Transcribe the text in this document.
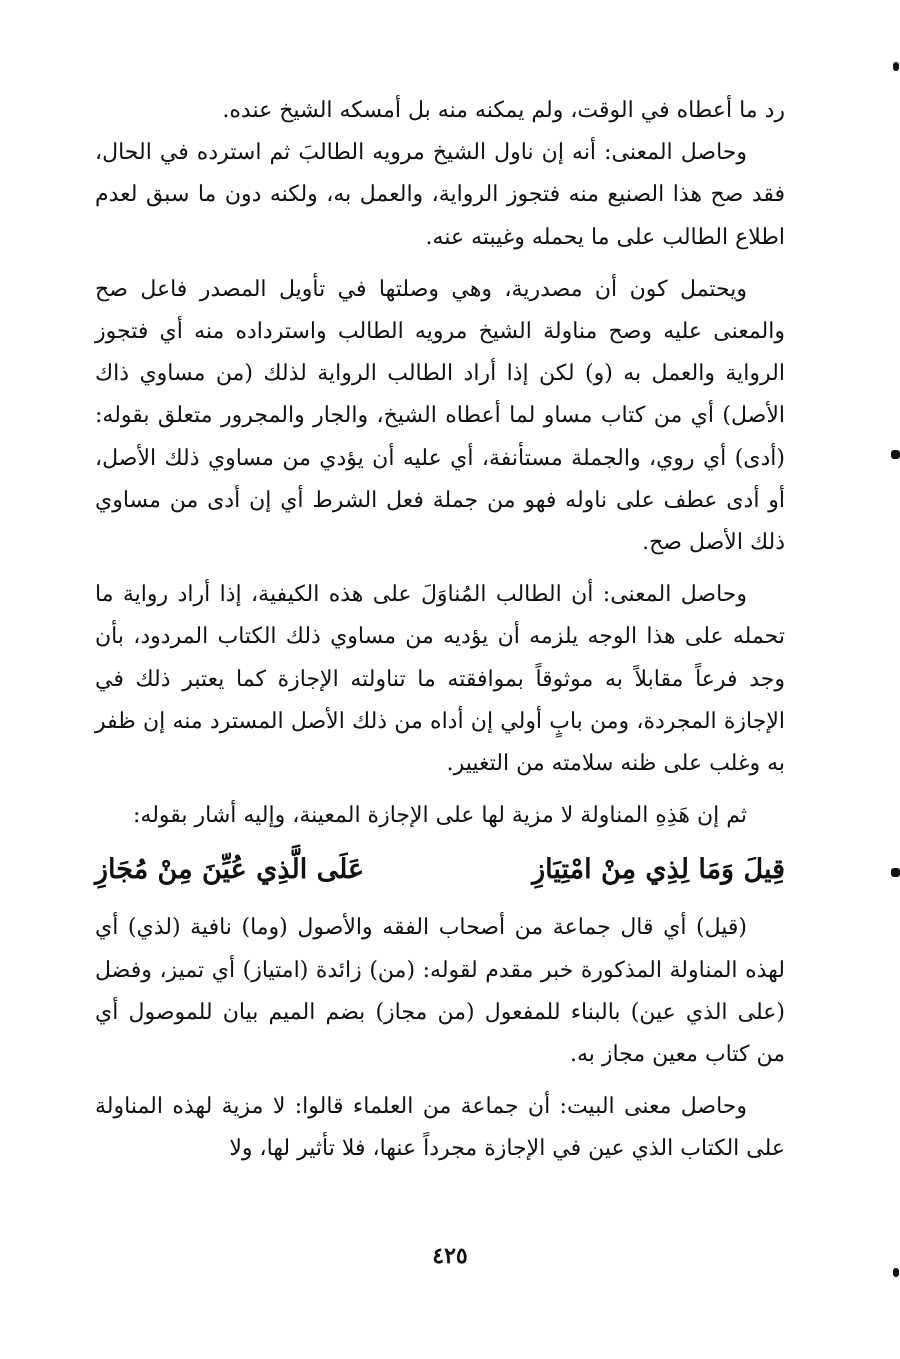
رد ما أعطاه في الوقت، ولم يمكنه منه بل أمسكه الشيخ عنده.

وحاصل المعنى: أنه إن ناول الشيخ مرويه الطالبَ ثم استرده في الحال، فقد صح هذا الصنيع منه فتجوز الرواية، والعمل به، ولكنه دون ما سبق لعدم اطلاع الطالب على ما يحمله وغيبته عنه.

ويحتمل كون أن مصدرية، وهي وصلتها في تأويل المصدر فاعل صح والمعنى عليه وصح مناولة الشيخ مرويه الطالب واسترداده منه أي فتجوز الرواية والعمل به (و) لكن إذا أراد الطالب الرواية لذلك (من مساوي ذاك الأصل) أي من كتاب مساو لما أعطاه الشيخ، والجار والمجرور متعلق بقوله: (أدى) أي روي، والجملة مستأنفة، أي عليه أن يؤدي من مساوي ذلك الأصل، أو أدى عطف على ناوله فهو من جملة فعل الشرط أي إن أدى من مساوي ذلك الأصل صح.

وحاصل المعنى: أن الطالب المُناوَلَ على هذه الكيفية، إذا أراد رواية ما تحمله على هذا الوجه يلزمه أن يؤديه من مساوي ذلك الكتاب المردود، بأن وجد فرعاً مقابلاً به موثوقاً بموافقته ما تناولته الإجازة كما يعتبر ذلك في الإجازة المجردة، ومن بابٍ أولي إن أداه من ذلك الأصل المسترد منه إن ظفر به وغلب على ظنه سلامته من التغيير.

ثم إن هَذِهِ المناولة لا مزية لها على الإجازة المعينة، وإليه أشار بقوله:

قِيلَ وَمَا لِذِي مِنْ امْتِيَازِ
عَلَى الَّذِي عُيِّنَ مِنْ مُجَازِ

(قيل) أي قال جماعة من أصحاب الفقه والأصول (وما) نافية (لذي) أي لهذه المناولة المذكورة خبر مقدم لقوله: (من) زائدة (امتياز) أي تميز، وفضل (على الذي عين) بالبناء للمفعول (من مجاز) بضم الميم بيان للموصول أي من كتاب معين مجاز به.

وحاصل معنى البيت: أن جماعة من العلماء قالوا: لا مزية لهذه المناولة على الكتاب الذي عين في الإجازة مجرداً عنها، فلا تأثير لها، ولا

٤٢٥
